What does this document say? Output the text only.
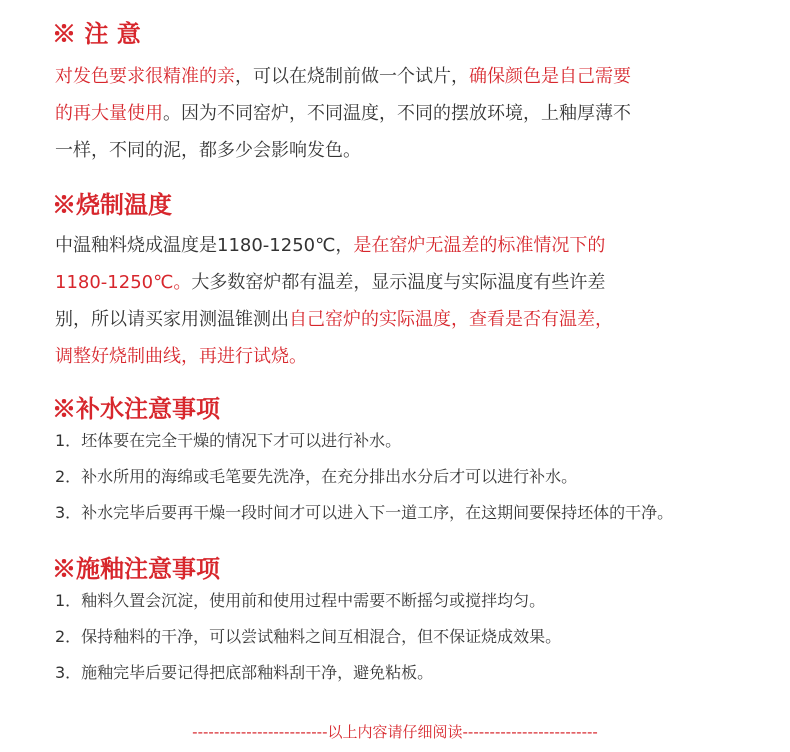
※ 注 意
对发色要求很精准的亲，可以在烧制前做一个试片，确保颜色是自己需要
的再大量使用。因为不同窑炉，不同温度，不同的摆放环境，上釉厚薄不
一样，不同的泥，都多少会影响发色。
※烧制温度
中温釉料烧成温度是1180-1250℃，是在窑炉无温差的标准情况下的
1180-1250℃。大多数窑炉都有温差，显示温度与实际温度有些许差
别，所以请买家用测温锥测出自己窑炉的实际温度，查看是否有温差，
调整好烧制曲线，再进行试烧。
※补水注意事项
1．坯体要在完全干燥的情况下才可以进行补水。
2．补水所用的海绵或毛笔要先洗净，在充分排出水分后才可以进行补水。
3．补水完毕后要再干燥一段时间才可以进入下一道工序，在这期间要保持坯体的干净。
※施釉注意事项
1．釉料久置会沉淀，使用前和使用过程中需要不断摇匀或搅拌均匀。
2．保持釉料的干净，可以尝试釉料之间互相混合，但不保证烧成效果。
3．施釉完毕后要记得把底部釉料刮干净，避免粘板。
-------------------------以上内容请仔细阅读-------------------------
